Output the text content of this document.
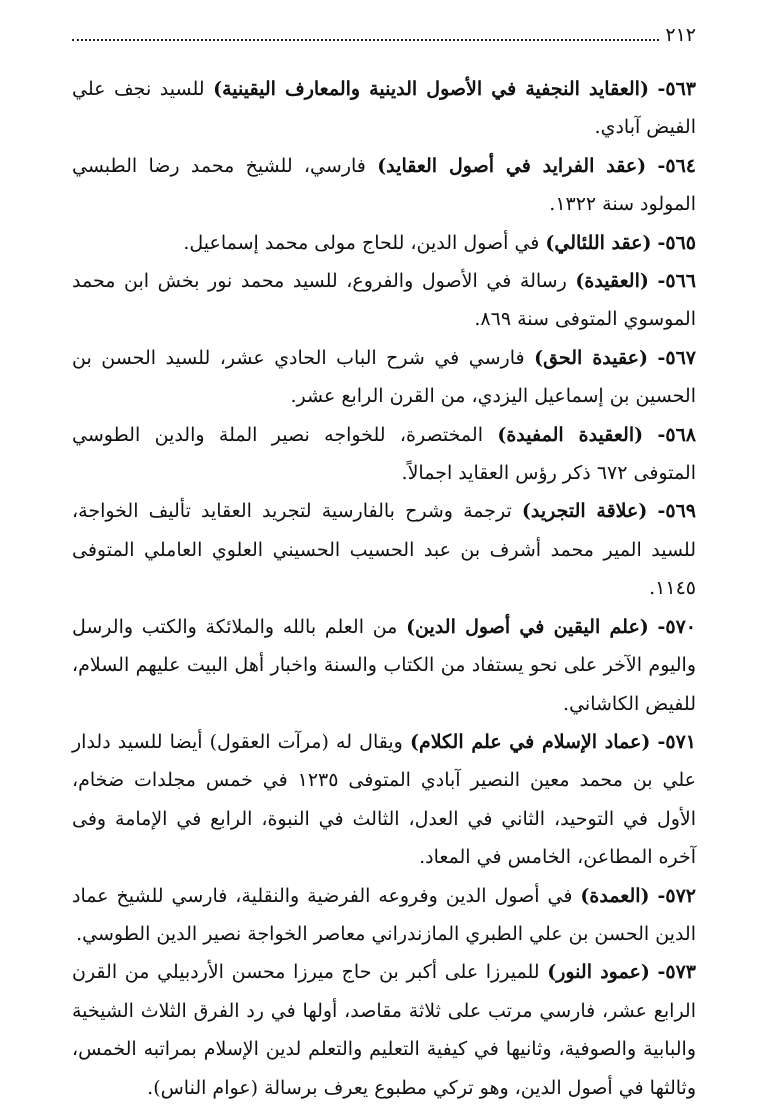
٢١٢

٥٦٣- (العقايد النجفية في الأصول الدينية والمعارف اليقينية) للسيد نجف علي الفيض آبادي.

٥٦٤- (عقد الفرايد في أصول العقايد) فارسي، للشيخ محمد رضا الطبسي المولود سنة ١٣٢٢.

٥٦٥- (عقد اللئالي) في أصول الدين، للحاج مولى محمد إسماعيل.

٥٦٦- (العقيدة) رسالة في الأصول والفروع، للسيد محمد نور بخش ابن محمد الموسوي المتوفى سنة ٨٦٩.

٥٦٧- (عقيدة الحق) فارسي في شرح الباب الحادي عشر، للسيد الحسن بن الحسين بن إسماعيل اليزدي، من القرن الرابع عشر.

٥٦٨- (العقيدة المفيدة) المختصرة، للخواجه نصير الملة والدين الطوسي المتوفى ٦٧٢ ذكر رؤس العقايد اجمالاً.

٥٦٩- (علاقة التجريد) ترجمة وشرح بالفارسية لتجريد العقايد تأليف الخواجة، للسيد المير محمد أشرف بن عبد الحسيب الحسيني العلوي العاملي المتوفى ١١٤٥.

٥٧٠- (علم اليقين في أصول الدين) من العلم بالله والملائكة والكتب والرسل واليوم الآخر على نحو يستفاد من الكتاب والسنة واخبار أهل البيت عليهم السلام، للفيض الكاشاني.

٥٧١- (عماد الإسلام في علم الكلام) ويقال له (مرآت العقول) أيضا للسيد دلدار علي بن محمد معين النصير آبادي المتوفى ١٢٣٥ في خمس مجلدات ضخام، الأول في التوحيد، الثاني في العدل، الثالث في النبوة، الرابع في الإمامة وفى آخره المطاعن، الخامس في المعاد.

٥٧٢- (العمدة) في أصول الدين وفروعه الفرضية والنقلية، فارسي للشيخ عماد الدين الحسن بن علي الطبري المازندراني معاصر الخواجة نصير الدين الطوسي.

٥٧٣- (عمود النور) للميرزا على أكبر بن حاج ميرزا محسن الأردبيلي من القرن الرابع عشر، فارسي مرتب على ثلاثة مقاصد، أولها في رد الفرق الثلاث الشيخية والبابية والصوفية، وثانيها في كيفية التعليم والتعلم لدين الإسلام بمراتبه الخمس، وثالثها في أصول الدين، وهو تركي مطبوع يعرف برسالة (عوام الناس).
